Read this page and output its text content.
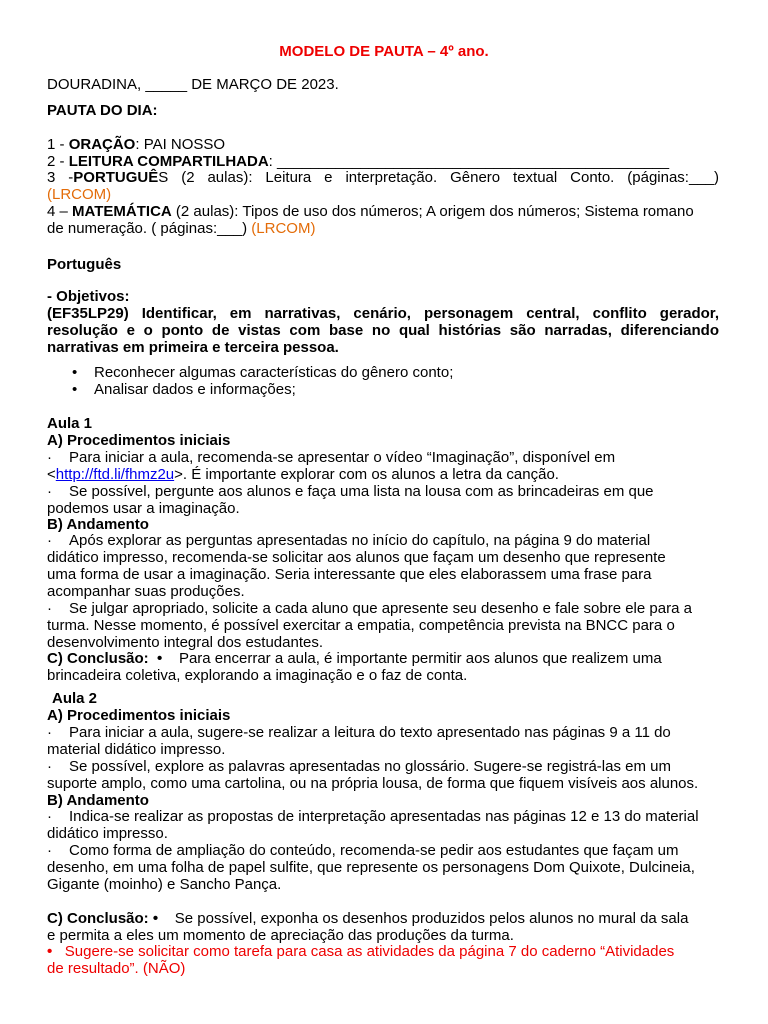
MODELO DE PAUTA – 4º ano.
DOURADINA, _____ DE MARÇO DE 2023.
PAUTA DO DIA:
1 - ORAÇÃO: PAI NOSSO
2 - LEITURA COMPARTILHADA: _______________________________________________
3 -PORTUGUÊS (2 aulas): Leitura e interpretação. Gênero textual Conto. (páginas:___)
(LRCOM)
4 – MATEMÁTICA (2 aulas): Tipos de uso dos números; A origem dos números; Sistema romano
de numeração. ( páginas:___) (LRCOM)
Português
- Objetivos:
(EF35LP29) Identificar, em narrativas, cenário, personagem central, conflito gerador,
resolução e o ponto de vistas com base no qual histórias são narradas, diferenciando
narrativas em primeira e terceira pessoa.
• Reconhecer algumas características do gênero conto;
• Analisar dados e informações;
Aula 1
A) Procedimentos iniciais
· Para iniciar a aula, recomenda-se apresentar o vídeo “Imaginação”, disponível em
<http://ftd.li/fhmz2u>. É importante explorar com os alunos a letra da canção.
· Se possível, pergunte aos alunos e faça uma lista na lousa com as brincadeiras em que
podemos usar a imaginação.
B) Andamento
· Após explorar as perguntas apresentadas no início do capítulo, na página 9 do material
didático impresso, recomenda-se solicitar aos alunos que façam um desenho que represente
uma forma de usar a imaginação. Seria interessante que eles elaborassem uma frase para
acompanhar suas produções.
· Se julgar apropriado, solicite a cada aluno que apresente seu desenho e fale sobre ele para a
turma. Nesse momento, é possível exercitar a empatia, competência prevista na BNCC para o
desenvolvimento integral dos estudantes.
C) Conclusão: • Para encerrar a aula, é importante permitir aos alunos que realizem uma
brincadeira coletiva, explorando a imaginação e o faz de conta.
Aula 2
A) Procedimentos iniciais
· Para iniciar a aula, sugere-se realizar a leitura do texto apresentado nas páginas 9 a 11 do
material didático impresso.
· Se possível, explore as palavras apresentadas no glossário. Sugere-se registrá-las em um
suporte amplo, como uma cartolina, ou na própria lousa, de forma que fiquem visíveis aos alunos.
B) Andamento
· Indica-se realizar as propostas de interpretação apresentadas nas páginas 12 e 13 do material
didático impresso.
· Como forma de ampliação do conteúdo, recomenda-se pedir aos estudantes que façam um
desenho, em uma folha de papel sulfite, que represente os personagens Dom Quixote, Dulcineia,
Gigante (moinho) e Sancho Pança.
C) Conclusão: • Se possível, exponha os desenhos produzidos pelos alunos no mural da sala
e permita a eles um momento de apreciação das produções da turma.
• Sugere-se solicitar como tarefa para casa as atividades da página 7 do caderno “Atividades
de resultado”. (NÃO)
